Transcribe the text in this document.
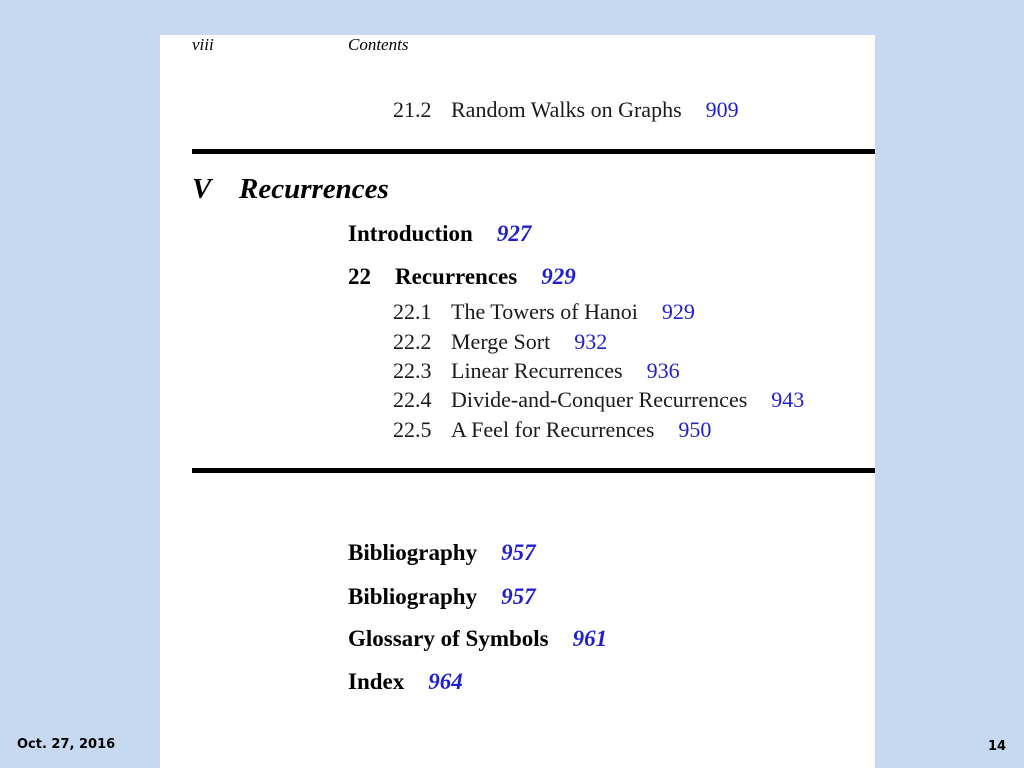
viii	Contents
21.2 Random Walks on Graphs 909
V Recurrences
Introduction 927
22 Recurrences 929
22.1 The Towers of Hanoi 929
22.2 Merge Sort 932
22.3 Linear Recurrences 936
22.4 Divide-and-Conquer Recurrences 943
22.5 A Feel for Recurrences 950
Bibliography 957
Bibliography 957
Glossary of Symbols 961
Index 964
Oct. 27, 2016	14
